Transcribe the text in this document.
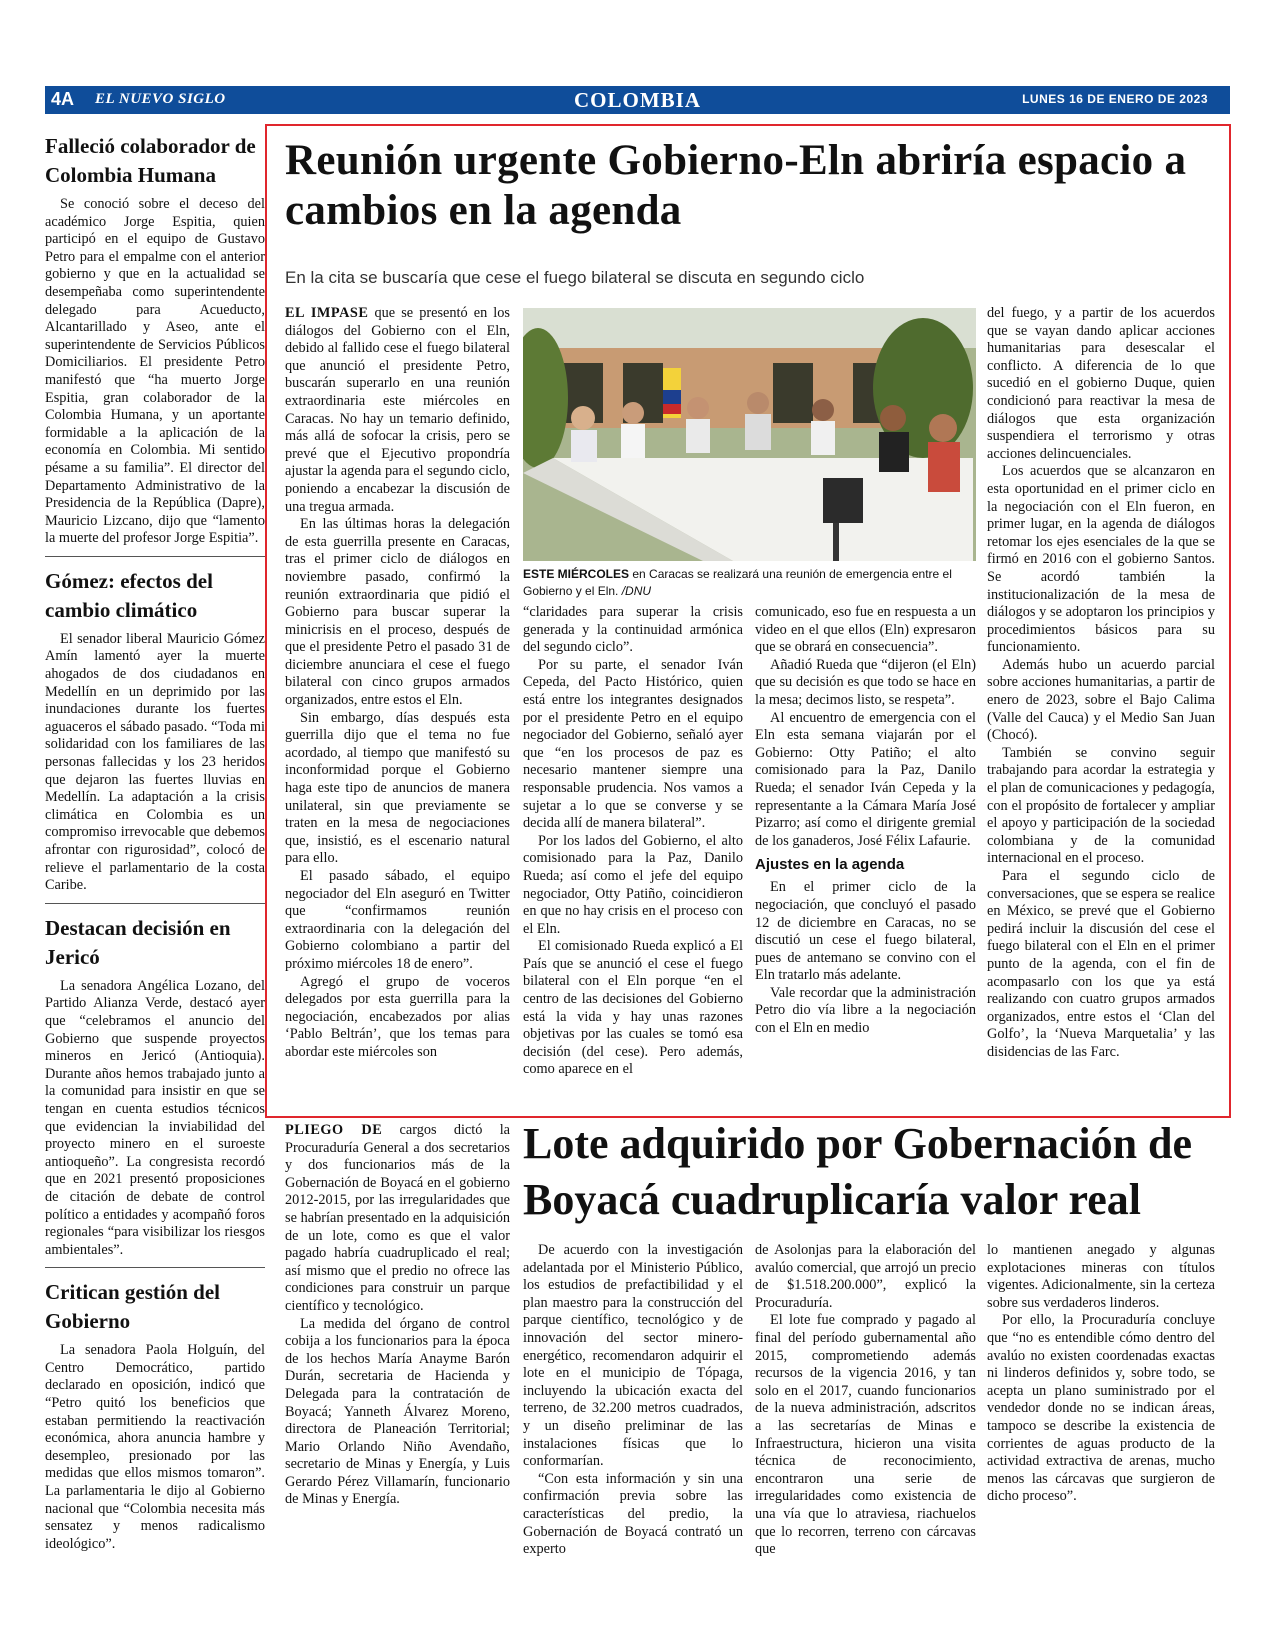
4A EL NUEVO SIGLO	COLOMBIA	LUNES 16 DE ENERO DE 2023
Falleció colaborador de Colombia Humana

Se conoció sobre el deceso del académico Jorge Espitia, quien participó en el equipo de Gustavo Petro para el empalme con el anterior gobierno y que en la actualidad se desempeñaba como superintendente delegado para Acueducto, Alcantarillado y Aseo, ante el superintendente de Servicios Públicos Domiciliarios. El presidente Petro manifestó que “ha muerto Jorge Espitia, gran colaborador de la Colombia Humana, y un aportante formidable a la aplicación de la economía en Colombia. Mi sentido pésame a su familia”. El director del Departamento Administrativo de la Presidencia de la República (Dapre), Mauricio Lizcano, dijo que “lamento la muerte del profesor Jorge Espitia”.

Gómez: efectos del cambio climático

El senador liberal Mauricio Gómez Amín lamentó ayer la muerte ahogados de dos ciudadanos en Medellín en un deprimido por las inundaciones durante los fuertes aguaceros el sábado pasado. “Toda mi solidaridad con los familiares de las personas fallecidas y los 23 heridos que dejaron las fuertes lluvias en Medellín. La adaptación a la crisis climática en Colombia es un compromiso irrevocable que debemos afrontar con rigurosidad”, colocó de relieve el parlamentario de la costa Caribe.

Destacan decisión en Jericó

La senadora Angélica Lozano, del Partido Alianza Verde, destacó ayer que “celebramos el anuncio del Gobierno que suspende proyectos mineros en Jericó (Antioquia). Durante años hemos trabajado junto a la comunidad para insistir en que se tengan en cuenta estudios técnicos que evidencian la inviabilidad del proyecto minero en el suroeste antioqueño”. La congresista recordó que en 2021 presentó proposiciones de citación de debate de control político a entidades y acompañó foros regionales “para visibilizar los riesgos ambientales”.

Critican gestión del Gobierno

La senadora Paola Holguín, del Centro Democrático, partido declarado en oposición, indicó que “Petro quitó los beneficios que estaban permitiendo la reactivación económica, ahora anuncia hambre y desempleo, presionado por las medidas que ellos mismos tomaron”. La parlamentaria le dijo al Gobierno nacional que “Colombia necesita más sensatez y menos radicalismo ideológico”.

Reunión urgente Gobierno-Eln abriría espacio a cambios en la agenda
En la cita se buscaría que cese el fuego bilateral se discuta en segundo ciclo

EL IMPASE que se presentó en los diálogos del Gobierno con el Eln, debido al fallido cese el fuego bilateral que anunció el presidente Petro, buscarán superarlo en una reunión extraordinaria este miércoles en Caracas. No hay un temario definido, más allá de sofocar la crisis, pero se prevé que el Ejecutivo propondría ajustar la agenda para el segundo ciclo, poniendo a encabezar la discusión de una tregua armada.

En las últimas horas la delegación de esta guerrilla presente en Caracas, tras el primer ciclo de diálogos en noviembre pasado, confirmó la reunión extraordinaria que pidió el Gobierno para buscar superar la minicrisis en el proceso, después de que el presidente Petro el pasado 31 de diciembre anunciara el cese el fuego bilateral con cinco grupos armados organizados, entre estos el Eln.

Sin embargo, días después esta guerrilla dijo que el tema no fue acordado, al tiempo que manifestó su inconformidad porque el Gobierno haga este tipo de anuncios de manera unilateral, sin que previamente se traten en la mesa de negociaciones que, insistió, es el escenario natural para ello.

El pasado sábado, el equipo negociador del Eln aseguró en Twitter que “confirmamos reunión extraordinaria con la delegación del Gobierno colombiano a partir del próximo miércoles 18 de enero”.

Agregó el grupo de voceros delegados por esta guerrilla para la negociación, encabezados por alias ‘Pablo Beltrán’, que los temas para abordar este miércoles son

ESTE MIÉRCOLES en Caracas se realizará una reunión de emergencia entre el Gobierno y el Eln. /DNU

“claridades para superar la crisis generada y la continuidad armónica del segundo ciclo”.

Por su parte, el senador Iván Cepeda, del Pacto Histórico, quien está entre los integrantes designados por el presidente Petro en el equipo negociador del Gobierno, señaló ayer que “en los procesos de paz es necesario mantener siempre una responsable prudencia. Nos vamos a sujetar a lo que se converse y se decida allí de manera bilateral”.

Por los lados del Gobierno, el alto comisionado para la Paz, Danilo Rueda; así como el jefe del equipo negociador, Otty Patiño, coincidieron en que no hay crisis en el proceso con el Eln.

El comisionado Rueda explicó a El País que se anunció el cese el fuego bilateral con el Eln porque “en el centro de las decisiones del Gobierno está la vida y hay unas razones objetivas por las cuales se tomó esa decisión (del cese). Pero además, como aparece en el

comunicado, eso fue en respuesta a un video en el que ellos (Eln) expresaron que se obrará en consecuencia”.

Añadió Rueda que “dijeron (el Eln) que su decisión es que todo se hace en la mesa; decimos listo, se respeta”.

Al encuentro de emergencia con el Eln esta semana viajarán por el Gobierno: Otty Patiño; el alto comisionado para la Paz, Danilo Rueda; el senador Iván Cepeda y la representante a la Cámara María José Pizarro; así como el dirigente gremial de los ganaderos, José Félix Lafaurie.

Ajustes en la agenda

En el primer ciclo de la negociación, que concluyó el pasado 12 de diciembre en Caracas, no se discutió un cese el fuego bilateral, pues de antemano se convino con el Eln tratarlo más adelante.

Vale recordar que la administración Petro dio vía libre a la negociación con el Eln en medio

del fuego, y a partir de los acuerdos que se vayan dando aplicar acciones humanitarias para desescalar el conflicto. A diferencia de lo que sucedió en el gobierno Duque, quien condicionó para reactivar la mesa de diálogos que esta organización suspendiera el terrorismo y otras acciones delincuenciales.

Los acuerdos que se alcanzaron en esta oportunidad en el primer ciclo en la negociación con el Eln fueron, en primer lugar, en la agenda de diálogos retomar los ejes esenciales de la que se firmó en 2016 con el gobierno Santos. Se acordó también la institucionalización de la mesa de diálogos y se adoptaron los principios y procedimientos básicos para su funcionamiento.

Además hubo un acuerdo parcial sobre acciones humanitarias, a partir de enero de 2023, sobre el Bajo Calima (Valle del Cauca) y el Medio San Juan (Chocó).

También se convino seguir trabajando para acordar la estrategia y el plan de comunicaciones y pedagogía, con el propósito de fortalecer y ampliar el apoyo y participación de la sociedad colombiana y de la comunidad internacional en el proceso.

Para el segundo ciclo de conversaciones, que se espera se realice en México, se prevé que el Gobierno pedirá incluir la discusión del cese el fuego bilateral con el Eln en el primer punto de la agenda, con el fin de acompasarlo con los que ya está realizando con cuatro grupos armados organizados, entre estos el ‘Clan del Golfo’, la ‘Nueva Marquetalia’ y las disidencias de las Farc.

PLIEGO DE cargos dictó la Procuraduría General a dos secretarios y dos funcionarios más de la Gobernación de Boyacá en el gobierno 2012-2015, por las irregularidades que se habrían presentado en la adquisición de un lote, como es que el valor pagado habría cuadruplicado el real; así mismo que el predio no ofrece las condiciones para construir un parque científico y tecnológico.

La medida del órgano de control cobija a los funcionarios para la época de los hechos María Anayme Barón Durán, secretaria de Hacienda y Delegada para la contratación de Boyacá; Yanneth Álvarez Moreno, directora de Planeación Territorial; Mario Orlando Niño Avendaño, secretario de Minas y Energía, y Luis Gerardo Pérez Villamarín, funcionario de Minas y Energía.

Lote adquirido por Gobernación de Boyacá cuadruplicaría valor real

De acuerdo con la investigación adelantada por el Ministerio Público, los estudios de prefactibilidad y el plan maestro para la construcción del parque científico, tecnológico y de innovación del sector minero-energético, recomendaron adquirir el lote en el municipio de Tópaga, incluyendo la ubicación exacta del terreno, de 32.200 metros cuadrados, y un diseño preliminar de las instalaciones físicas que lo conformarían.

“Con esta información y sin una confirmación previa sobre las características del predio, la Gobernación de Boyacá contrató un experto

de Asolonjas para la elaboración del avalúo comercial, que arrojó un precio de $1.518.200.000”, explicó la Procuraduría.

El lote fue comprado y pagado al final del período gubernamental año 2015, comprometiendo además recursos de la vigencia 2016, y tan solo en el 2017, cuando funcionarios de la nueva administración, adscritos a las secretarías de Minas e Infraestructura, hicieron una visita técnica de reconocimiento, encontraron una serie de irregularidades como existencia de una vía que lo atraviesa, riachuelos que lo recorren, terreno con cárcavas que

lo mantienen anegado y algunas explotaciones mineras con títulos vigentes. Adicionalmente, sin la certeza sobre sus verdaderos linderos.

Por ello, la Procuraduría concluye que “no es entendible cómo dentro del avalúo no existen coordenadas exactas ni linderos definidos y, sobre todo, se acepta un plano suministrado por el vendedor donde no se indican áreas, tampoco se describe la existencia de corrientes de aguas producto de la actividad extractiva de arenas, mucho menos las cárcavas que surgieron de dicho proceso”.
